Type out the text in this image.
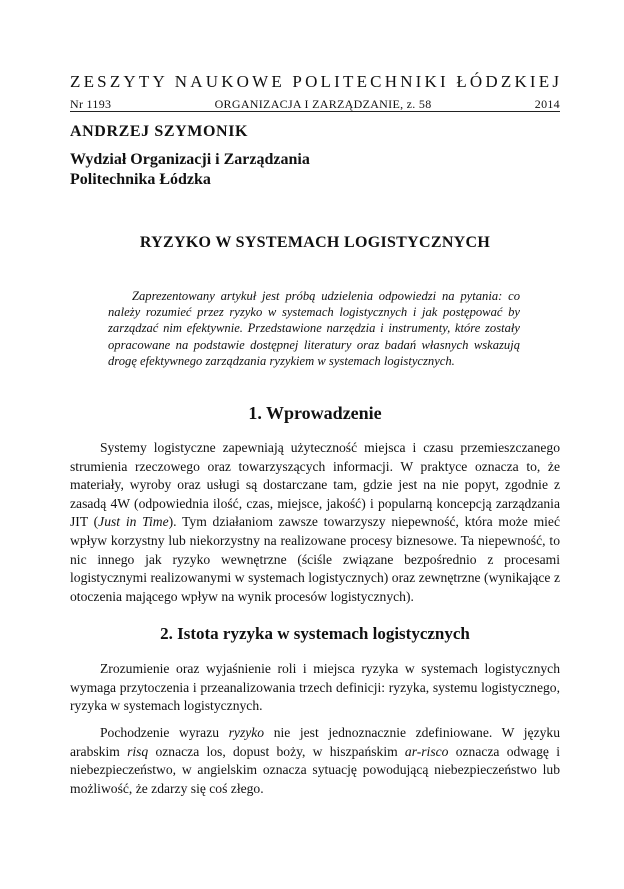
ZESZYTY NAUKOWE POLITECHNIKI ŁÓDZKIEJ
Nr 1193	ORGANIZACJA I ZARZĄDZANIE, z. 58	2014
ANDRZEJ SZYMONIK
Wydział Organizacji i Zarządzania
Politechnika Łódzka
RYZYKO W SYSTEMACH LOGISTYCZNYCH

Zaprezentowany artykuł jest próbą udzielenia odpowiedzi na pytania: co należy rozumieć przez ryzyko w systemach logistycznych i jak postępować by zarządzać nim efektywnie. Przedstawione narzędzia i instrumenty, które zostały opracowane na podstawie dostępnej literatury oraz badań własnych wskazują drogę efektywnego zarządzania ryzykiem w systemach logistycznych.

1. Wprowadzenie

Systemy logistyczne zapewniają użyteczność miejsca i czasu przemieszczanego strumienia rzeczowego oraz towarzyszących informacji. W praktyce oznacza to, że materiały, wyroby oraz usługi są dostarczane tam, gdzie jest na nie popyt, zgodnie z zasadą 4W (odpowiednia ilość, czas, miejsce, jakość) i popularną koncepcją zarządzania JIT (Just in Time). Tym działaniom zawsze towarzyszy niepewność, która może mieć wpływ korzystny lub niekorzystny na realizowane procesy biznesowe. Ta niepewność, to nic innego jak ryzyko wewnętrzne (ściśle związane bezpośrednio z procesami logistycznymi realizowanymi w systemach logistycznych) oraz zewnętrzne (wynikające z otoczenia mającego wpływ na wynik procesów logistycznych).

2. Istota ryzyka w systemach logistycznych

Zrozumienie oraz wyjaśnienie roli i miejsca ryzyka w systemach logistycznych wymaga przytoczenia i przeanalizowania trzech definicji: ryzyka, systemu logistycznego, ryzyka w systemach logistycznych.

Pochodzenie wyrazu ryzyko nie jest jednoznacznie zdefiniowane. W języku arabskim risq oznacza los, dopust boży, w hiszpańskim ar-risco oznacza odwagę i niebezpieczeństwo, w angielskim oznacza sytuację powodującą niebezpieczeństwo lub możliwość, że zdarzy się coś złego.
